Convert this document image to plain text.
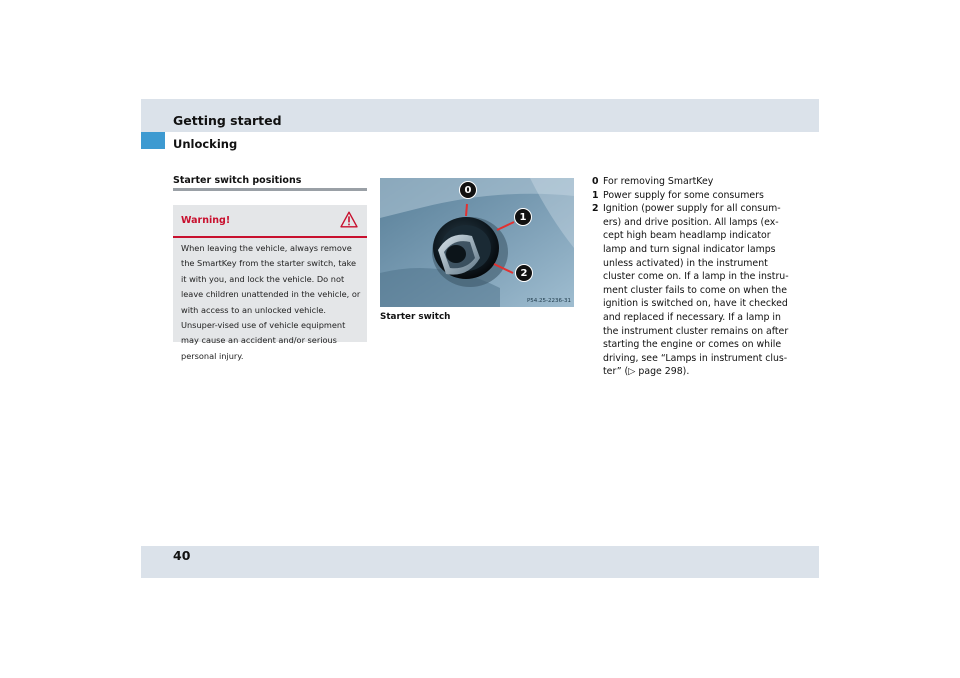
Getting started
Unlocking
Starter switch positions
Warning!
When leaving the vehicle, always remove the SmartKey from the starter switch, take it with you, and lock the vehicle. Do not leave children unattended in the vehicle, or with access to an unlocked vehicle. Unsuper-vised use of vehicle equipment may cause an accident and/or serious personal injury.
0
1
2
P54.25-2236-31
Starter switch
0 For removing SmartKey
1 Power supply for some consumers
2 Ignition (power supply for all consum-
ers) and drive position. All lamps (ex-
cept high beam headlamp indicator
lamp and turn signal indicator lamps
unless activated) in the instrument
cluster come on. If a lamp in the instru-
ment cluster fails to come on when the
ignition is switched on, have it checked
and replaced if necessary. If a lamp in
the instrument cluster remains on after
starting the engine or comes on while
driving, see “Lamps in instrument clus-
ter” (▷ page 298).
40
